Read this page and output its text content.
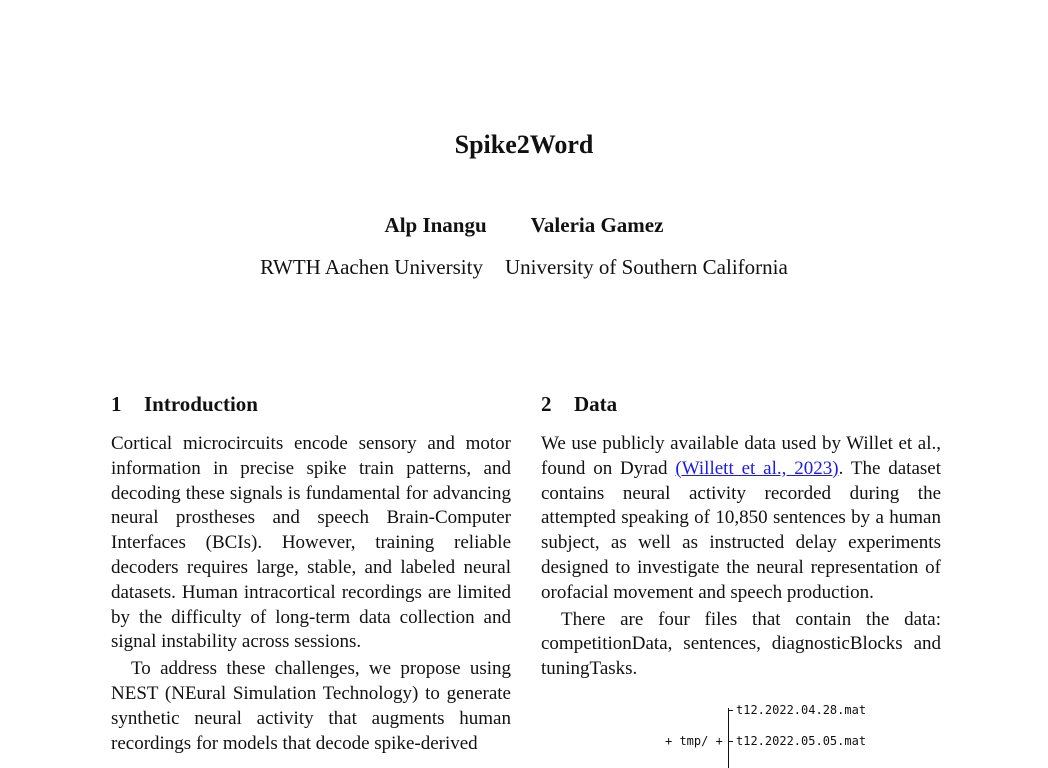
Spike2Word
Alp Inangu Valeria Gamez
RWTH Aachen University University of Southern California
1 Introduction

Cortical microcircuits encode sensory and motor information in precise spike train patterns, and decoding these signals is fundamental for advancing neural prostheses and speech Brain-Computer Interfaces (BCIs). However, training reliable decoders requires large, stable, and labeled neural datasets. Human intracortical recordings are limited by the difficulty of long-term data collection and signal instability across sessions.

To address these challenges, we propose using NEST (NEural Simulation Technology) to generate synthetic neural activity that augments human recordings for models that decode spike-derived

2 Data

We use publicly available data used by Willet et al., found on Dyrad (Willett et al., 2023). The dataset contains neural activity recorded during the attempted speaking of 10,850 sentences by a human subject, as well as instructed delay experiments designed to investigate the neural representation of orofacial movement and speech production.

There are four files that contain the data: competitionData, sentences, diagnosticBlocks and tuningTasks.

t12.2022.04.28.mat
+ tmp/ + t12.2022.05.05.mat
